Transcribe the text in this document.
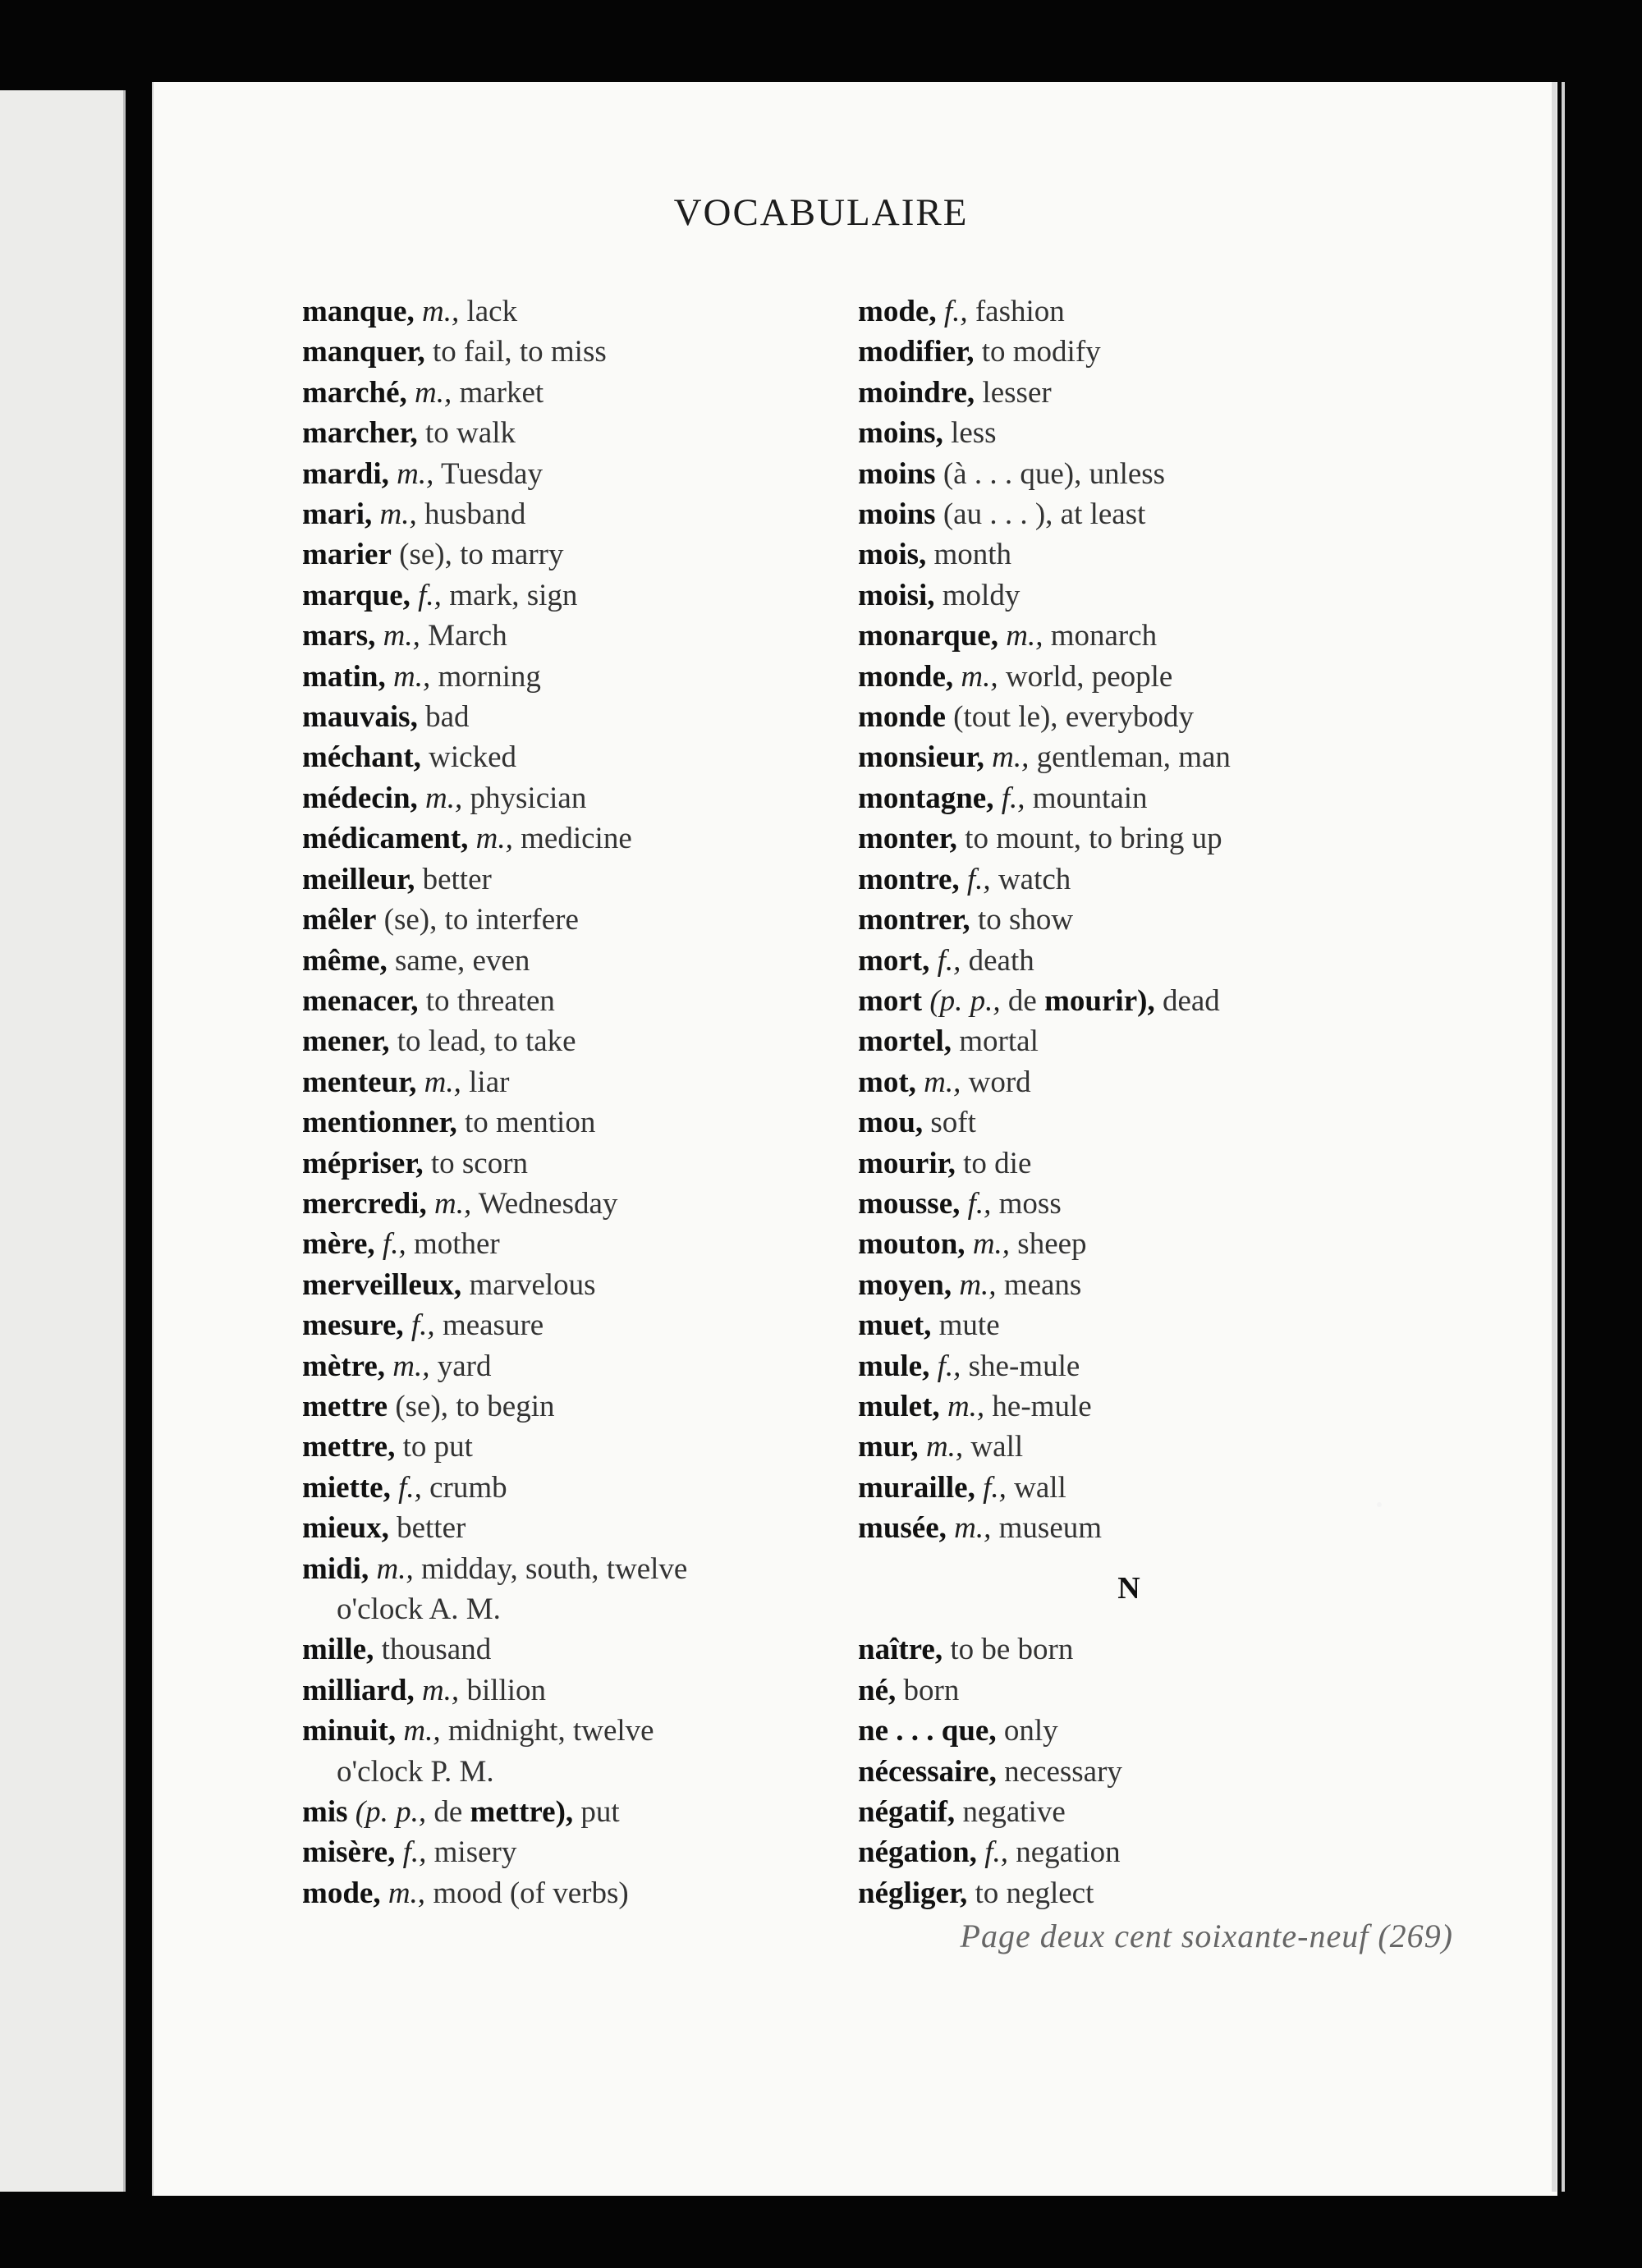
VOCABULAIRE
manque, m., lack
manquer, to fail, to miss
marché, m., market
marcher, to walk
mardi, m., Tuesday
mari, m., husband
marier (se), to marry
marque, f., mark, sign
mars, m., March
matin, m., morning
mauvais, bad
méchant, wicked
médecin, m., physician
médicament, m., medicine
meilleur, better
mêler (se), to interfere
même, same, even
menacer, to threaten
mener, to lead, to take
menteur, m., liar
mentionner, to mention
mépriser, to scorn
mercredi, m., Wednesday
mère, f., mother
merveilleux, marvelous
mesure, f., measure
mètre, m., yard
mettre (se), to begin
mettre, to put
miette, f., crumb
mieux, better
midi, m., midday, south, twelve
o'clock A. M.
mille, thousand
milliard, m., billion
minuit, m., midnight, twelve
o'clock P. M.
mis (p. p., de mettre), put
misère, f., misery
mode, m., mood (of verbs)
mode, f., fashion
modifier, to modify
moindre, lesser
moins, less
moins (à . . . que), unless
moins (au . . . ), at least
mois, month
moisi, moldy
monarque, m., monarch
monde, m., world, people
monde (tout le), everybody
monsieur, m., gentleman, man
montagne, f., mountain
monter, to mount, to bring up
montre, f., watch
montrer, to show
mort, f., death
mort (p. p., de mourir), dead
mortel, mortal
mot, m., word
mou, soft
mourir, to die
mousse, f., moss
mouton, m., sheep
moyen, m., means
muet, mute
mule, f., she-mule
mulet, m., he-mule
mur, m., wall
muraille, f., wall
musée, m., museum
N
naître, to be born
né, born
ne . . . que, only
nécessaire, necessary
négatif, negative
négation, f., negation
négliger, to neglect
Page deux cent soixante-neuf (269)
